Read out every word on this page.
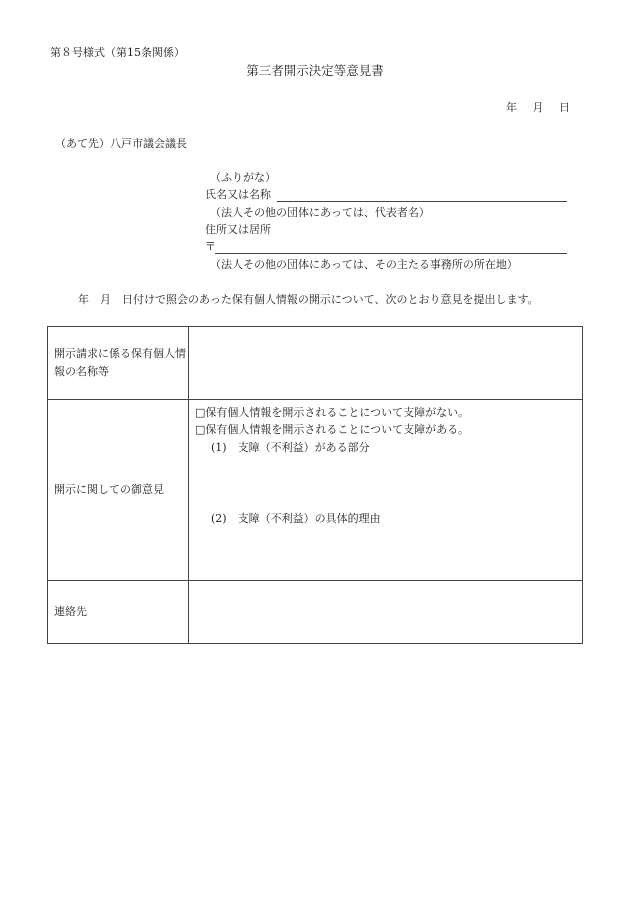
第８号様式（第15条関係）
第三者開示決定等意見書
年 月 日
（あて先）八戸市議会議長
（ふりがな）
氏名又は名称
（法人その他の団体にあっては、代表者名）
住所又は居所
〒
（法人その他の団体にあっては、その主たる事務所の所在地）
年　月　日付けで照会のあった保有個人情報の開示について、次のとおり意見を提出します。
開示請求に係る保有個人情報の名称等	
開示に関しての御意見	□保有個人情報を開示されることについて支障がない。
□保有個人情報を開示されることについて支障がある。
(1)　支障（不利益）がある部分
(2)　支障（不利益）の具体的理由

連絡先	
